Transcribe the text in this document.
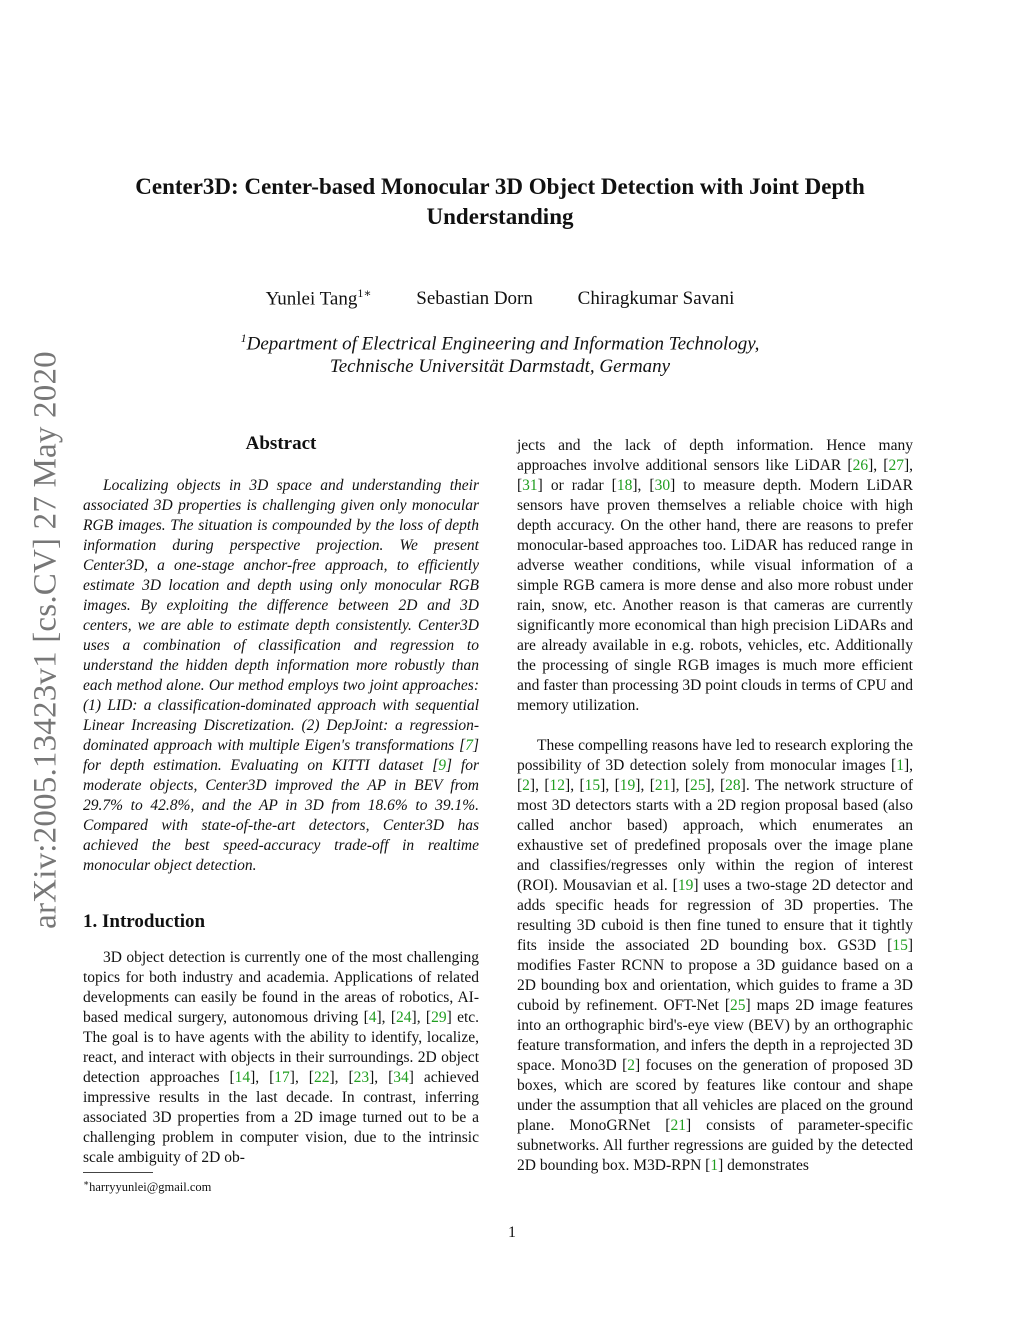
arXiv:2005.13423v1 [cs.CV] 27 May 2020
Center3D: Center-based Monocular 3D Object Detection with Joint Depth Understanding
Yunlei Tang$^{1∗}$ Sebastian Dorn Chiragkumar Savani
$^1$Department of Electrical Engineering and Information Technology,
Technische Universität Darmstadt, Germany
Abstract

Localizing objects in 3D space and understanding their associated 3D properties is challenging given only monocular RGB images. The situation is compounded by the loss of depth information during perspective projection. We present Center3D, a one-stage anchor-free approach, to efficiently estimate 3D location and depth using only monocular RGB images. By exploiting the difference between 2D and 3D centers, we are able to estimate depth consistently. Center3D uses a combination of classification and regression to understand the hidden depth information more robustly than each method alone. Our method employs two joint approaches: (1) LID: a classification-dominated approach with sequential Linear Increasing Discretization. (2) DepJoint: a regression-dominated approach with multiple Eigen's transformations [7] for depth estimation. Evaluating on KITTI dataset [9] for moderate objects, Center3D improved the AP in BEV from 29.7% to 42.8%, and the AP in 3D from 18.6% to 39.1%. Compared with state-of-the-art detectors, Center3D has achieved the best speed-accuracy trade-off in realtime monocular object detection.

1. Introduction

3D object detection is currently one of the most challenging topics for both industry and academia. Applications of related developments can easily be found in the areas of robotics, AI-based medical surgery, autonomous driving [4], [24], [29] etc. The goal is to have agents with the ability to identify, localize, react, and interact with objects in their surroundings. 2D object detection approaches [14], [17], [22], [23], [34] achieved impressive results in the last decade. In contrast, inferring associated 3D properties from a 2D image turned out to be a challenging problem in computer vision, due to the intrinsic scale ambiguity of 2D ob-

jects and the lack of depth information. Hence many approaches involve additional sensors like LiDAR [26], [27], [31] or radar [18], [30] to measure depth. Modern LiDAR sensors have proven themselves a reliable choice with high depth accuracy. On the other hand, there are reasons to prefer monocular-based approaches too. LiDAR has reduced range in adverse weather conditions, while visual information of a simple RGB camera is more dense and also more robust under rain, snow, etc. Another reason is that cameras are currently significantly more economical than high precision LiDARs and are already available in e.g. robots, vehicles, etc. Additionally the processing of single RGB images is much more efficient and faster than processing 3D point clouds in terms of CPU and memory utilization.

These compelling reasons have led to research exploring the possibility of 3D detection solely from monocular images [1], [2], [12], [15], [19], [21], [25], [28]. The network structure of most 3D detectors starts with a 2D region proposal based (also called anchor based) approach, which enumerates an exhaustive set of predefined proposals over the image plane and classifies/regresses only within the region of interest (ROI). Mousavian et al. [19] uses a two-stage 2D detector and adds specific heads for regression of 3D properties. The resulting 3D cuboid is then fine tuned to ensure that it tightly fits inside the associated 2D bounding box. GS3D [15] modifies Faster RCNN to propose a 3D guidance based on a 2D bounding box and orientation, which guides to frame a 3D cuboid by refinement. OFT-Net [25] maps 2D image features into an orthographic bird's-eye view (BEV) by an orthographic feature transformation, and infers the depth in a reprojected 3D space. Mono3D [2] focuses on the generation of proposed 3D boxes, which are scored by features like contour and shape under the assumption that all vehicles are placed on the ground plane. MonoGRNet [21] consists of parameter-specific subnetworks. All further regressions are guided by the detected 2D bounding box. M3D-RPN [1] demonstrates

∗harryyunlei@gmail.com
1
